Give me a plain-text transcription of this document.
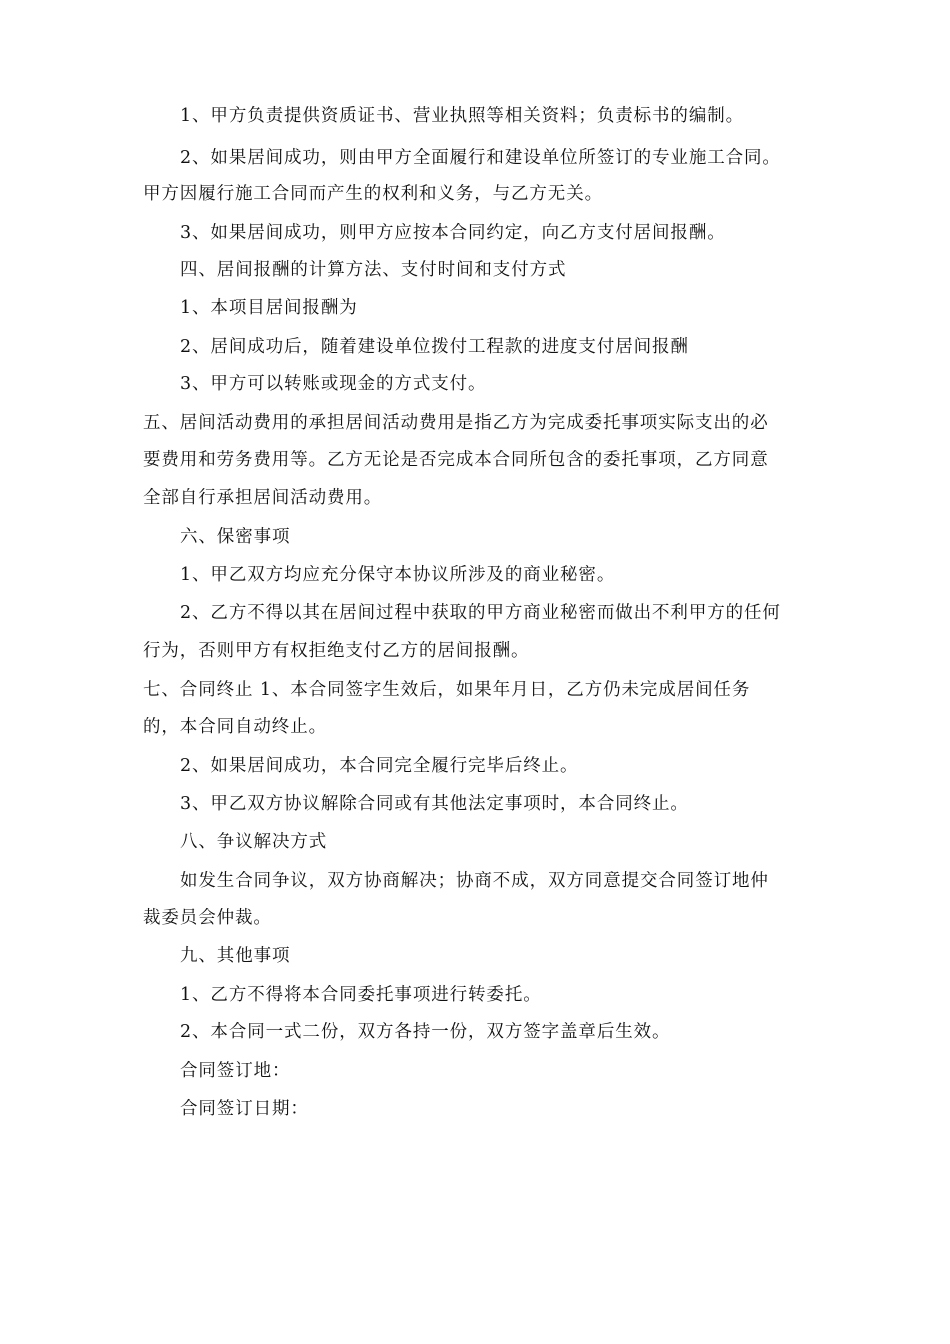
1、甲方负责提供资质证书、营业执照等相关资料；负责标书的编制。
2、如果居间成功，则由甲方全面履行和建设单位所签订的专业施工合同。
甲方因履行施工合同而产生的权利和义务，与乙方无关。
3、如果居间成功，则甲方应按本合同约定，向乙方支付居间报酬。
四、居间报酬的计算方法、支付时间和支付方式
1、本项目居间报酬为
2、居间成功后，随着建设单位拨付工程款的进度支付居间报酬
3、甲方可以转账或现金的方式支付。
五、居间活动费用的承担居间活动费用是指乙方为完成委托事项实际支出的必
要费用和劳务费用等。乙方无论是否完成本合同所包含的委托事项，乙方同意
全部自行承担居间活动费用。
六、保密事项
1、甲乙双方均应充分保守本协议所涉及的商业秘密。
2、乙方不得以其在居间过程中获取的甲方商业秘密而做出不利甲方的任何
行为，否则甲方有权拒绝支付乙方的居间报酬。
七、合同终止 1、本合同签字生效后，如果年月日，乙方仍未完成居间任务
的，本合同自动终止。
2、如果居间成功，本合同完全履行完毕后终止。
3、甲乙双方协议解除合同或有其他法定事项时，本合同终止。
八、争议解决方式
如发生合同争议，双方协商解决；协商不成，双方同意提交合同签订地仲
裁委员会仲裁。
九、其他事项
1、乙方不得将本合同委托事项进行转委托。
2、本合同一式二份，双方各持一份，双方签字盖章后生效。
合同签订地：
合同签订日期：
